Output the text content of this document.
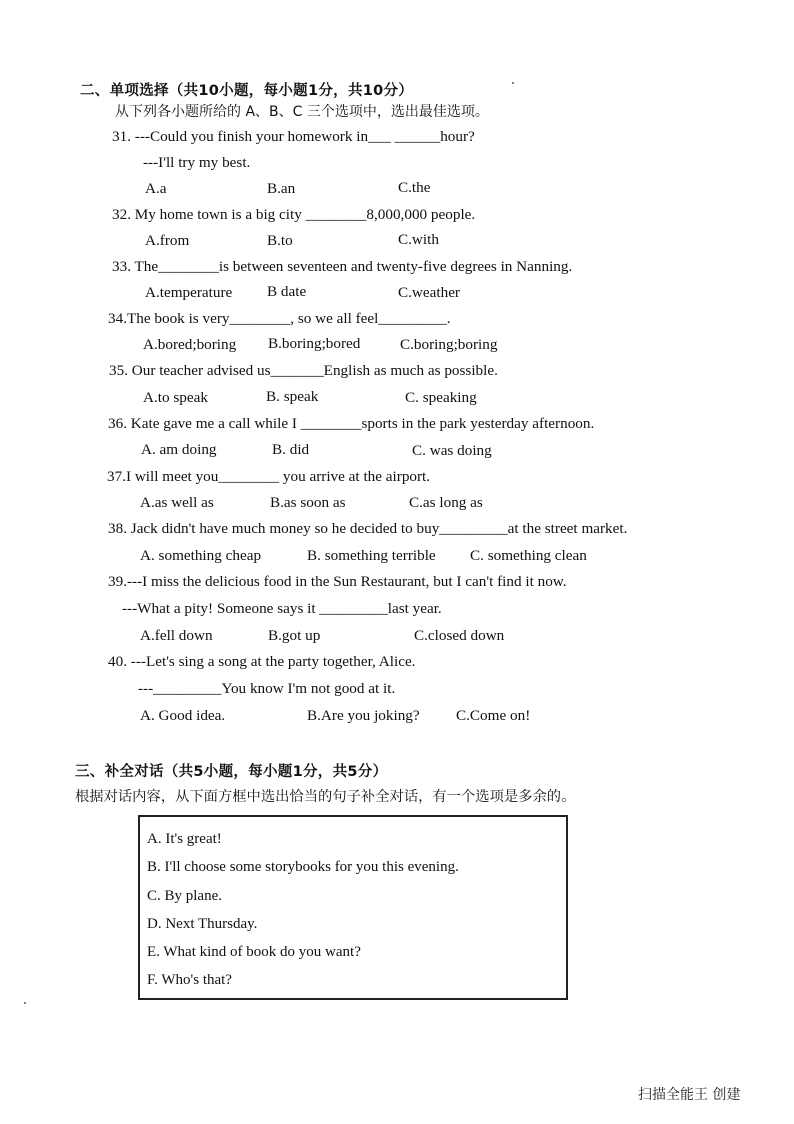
二、单项选择（共10小题，每小题1分，共10分）
从下列各小题所给的 A、B、C 三个选项中，选出最佳选项。
31. ---Could you finish your homework in___ ______hour?
---I'll try my best.
A.a	B.an	C.the
32. My home town is a big city ________8,000,000 people.
A.from	B.to	C.with
33. The________is between seventeen and twenty-five degrees in Nanning.
A.temperature B date	C.weather
34.The book is very________, so we all feel_________.
A.bored;boring B.boring;bored	C.boring;boring
35. Our teacher advised us_______English as much as possible.
A.to speak	B. speak	C. speaking
36. Kate gave me a call while I ________sports in the park yesterday afternoon.
A. am doing	B. did	C. was doing
37.I will meet you________ you arrive at the airport.
A.as well as	B.as soon as	C.as long as
38. Jack didn't have much money so he decided to buy_________at the street market.
A. something cheap	B. something terrible C. something clean
39.---I miss the delicious food in the Sun Restaurant, but I can't find it now.
---What a pity! Someone says it _________last year.
A.fell down	B.got up	C.closed down
40. ---Let's sing a song at the party together, Alice.
---_________You know I'm not good at it.
A. Good idea.	B.Are you joking? C.Come on!
三、补全对话（共5小题，每小题1分，共5分）
根据对话内容，从下面方框中选出恰当的句子补全对话，有一个选项是多余的。
A. It's great!
B. I'll choose some storybooks for you this evening.
C. By plane.
D. Next Thursday.
E. What kind of book do you want?
F. Who's that?
扫描全能王 创建
